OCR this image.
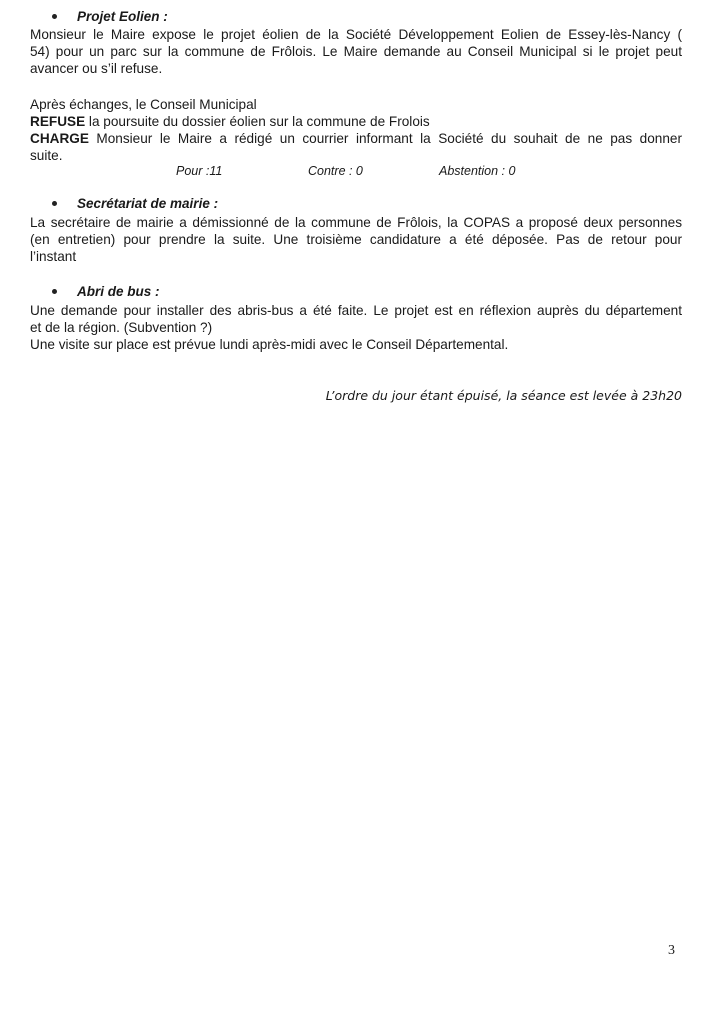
Projet Eolien :
Monsieur le Maire expose le projet éolien de la Société Développement Eolien de Essey-lès-Nancy (
54) pour un parc sur la commune de Frôlois. Le Maire demande au Conseil Municipal si le projet peut
avancer ou s’il refuse.
Après échanges, le Conseil Municipal
REFUSE la poursuite du dossier éolien sur la commune de Frolois
CHARGE Monsieur le Maire a rédigé un courrier informant la Société du souhait de ne pas donner
suite.
Pour :11	Contre : 0	Abstention : 0
Secrétariat de mairie :
La secrétaire de mairie a démissionné de la commune de Frôlois, la COPAS a proposé deux personnes
(en entretien) pour prendre la suite. Une troisième candidature a été déposée. Pas de retour pour
l’instant
Abri de bus :
Une demande pour installer des abris-bus a été faite. Le projet est en réflexion auprès du département
et de la région. (Subvention ?)
Une visite sur place est prévue lundi après-midi avec le Conseil Départemental.
L’ordre du jour étant épuisé, la séance est levée à 23h20
3
